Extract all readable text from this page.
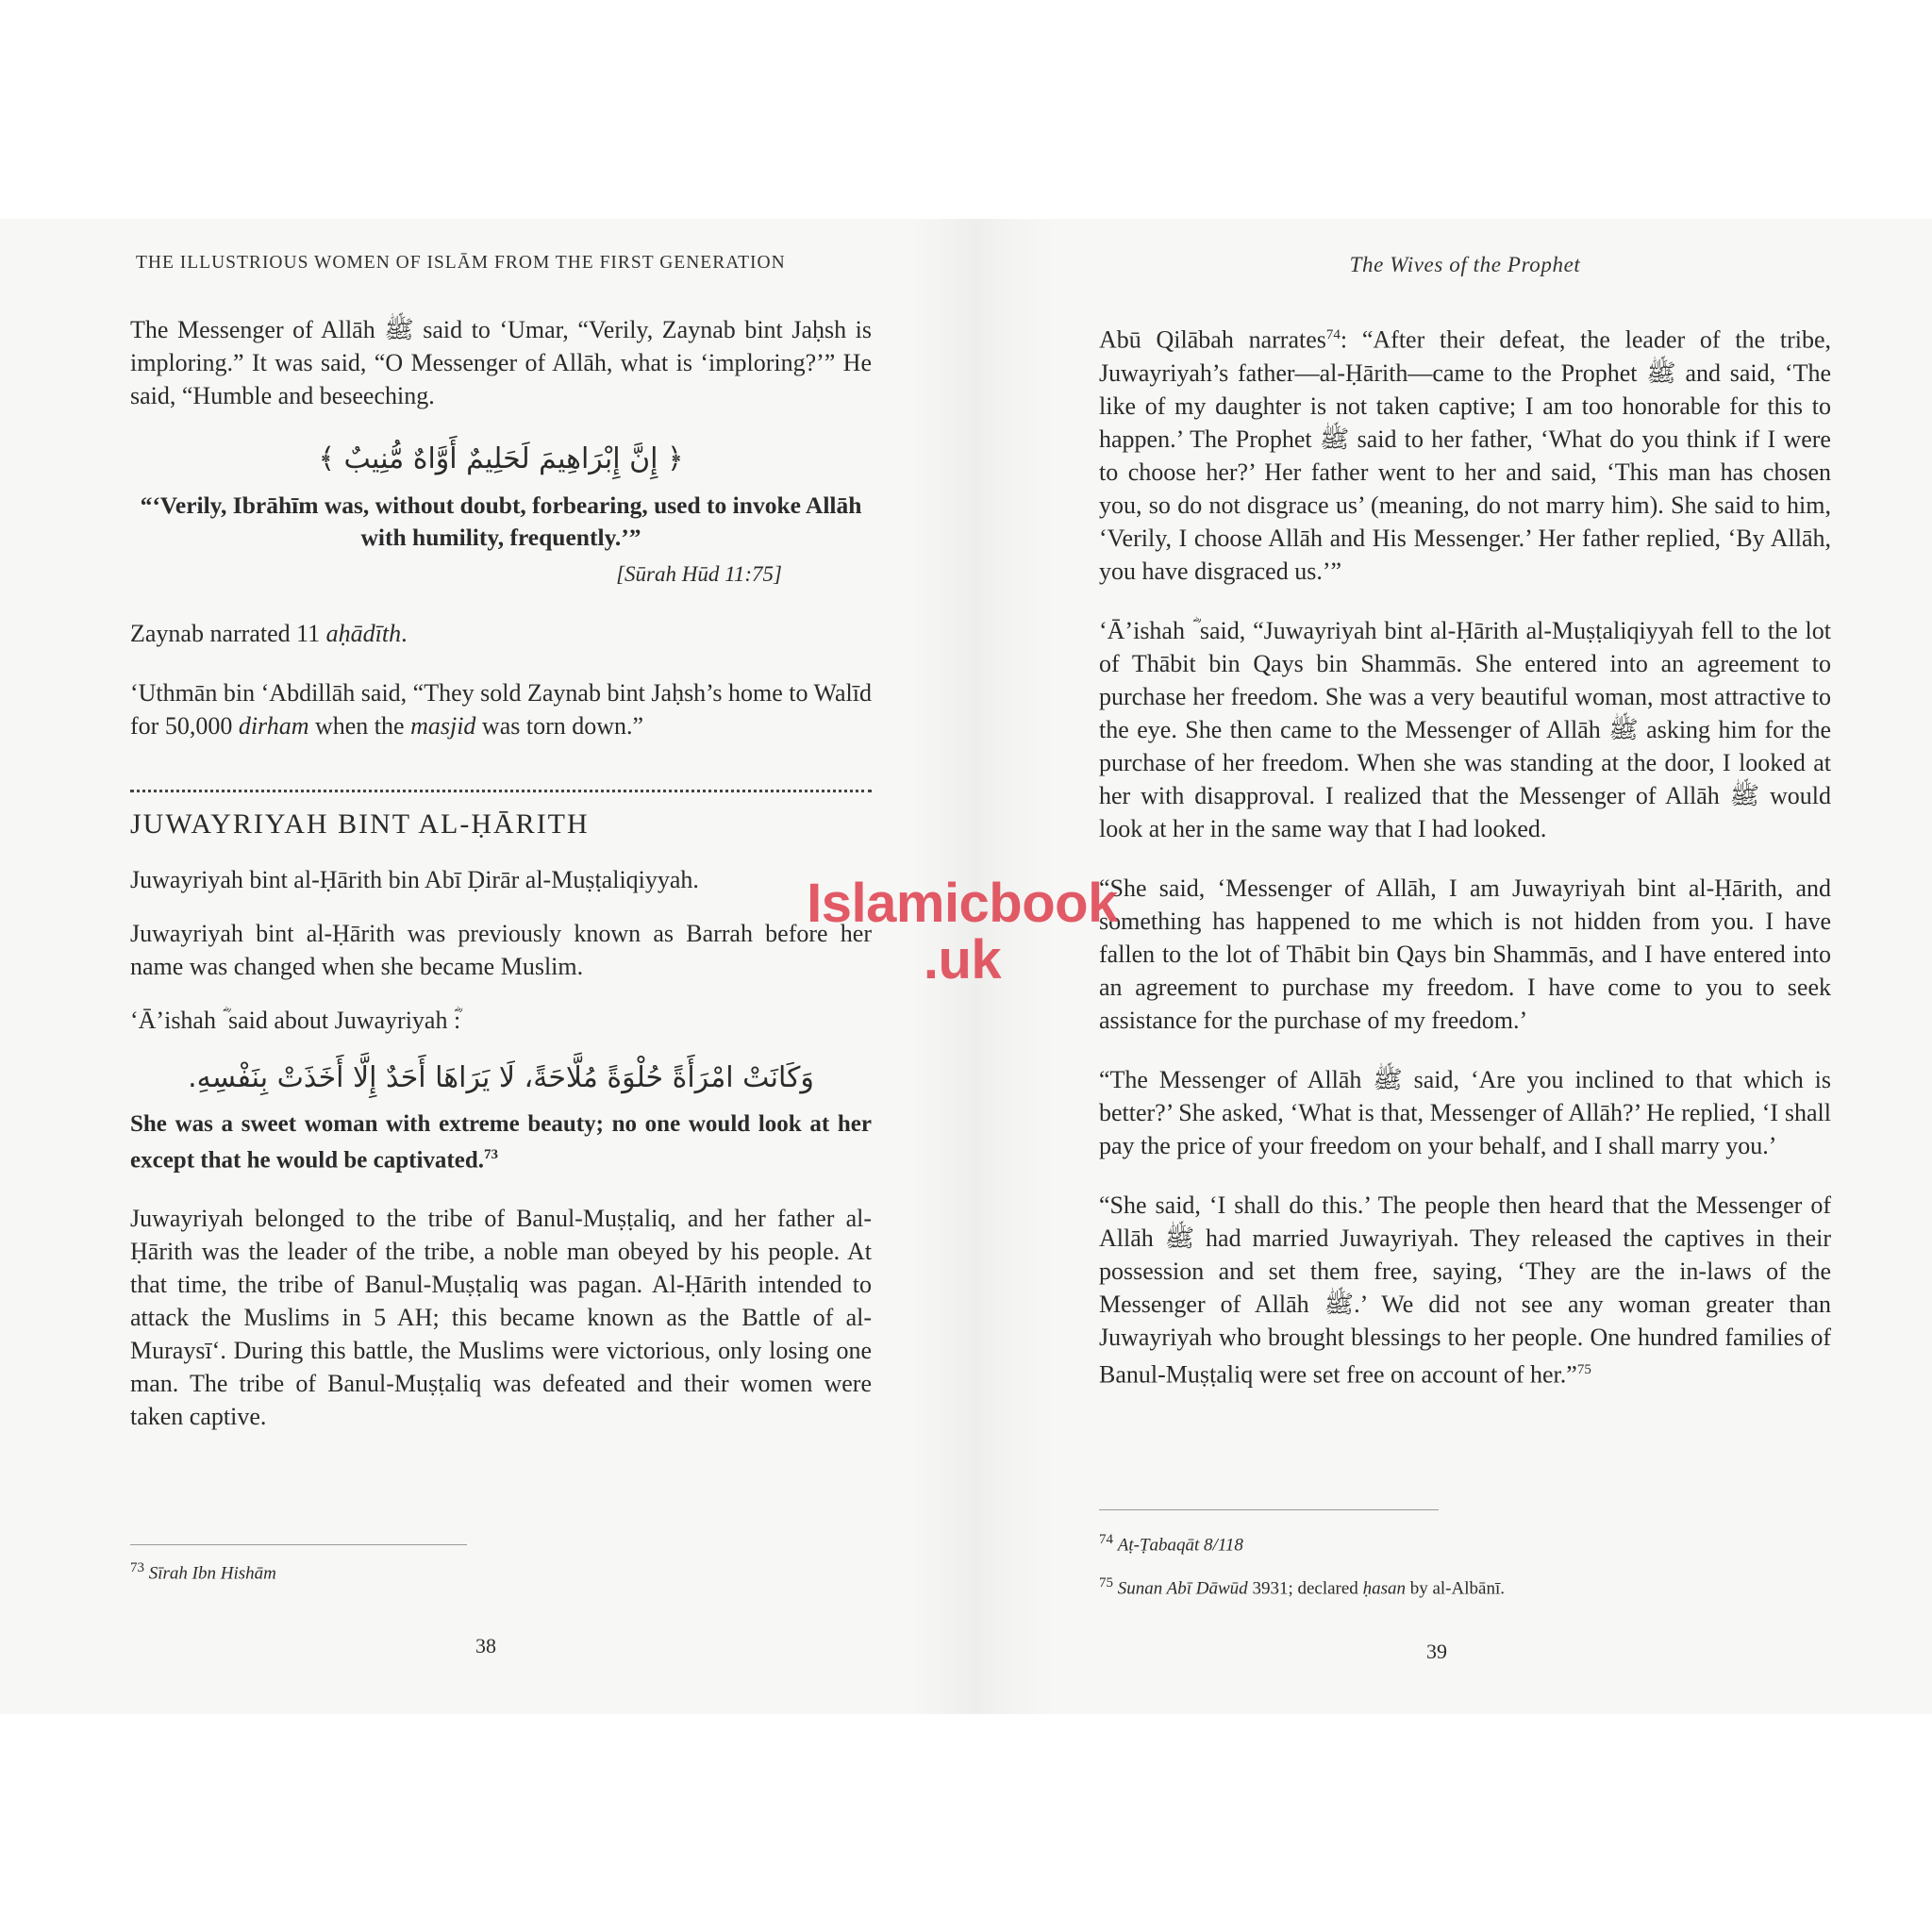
THE ILLUSTRIOUS WOMEN OF ISLĀM FROM THE FIRST GENERATION

The Messenger of Allāh ﷺ said to ‘Umar, “Verily, Zaynab bint Jaḥsh is imploring.” It was said, “O Messenger of Allāh, what is ‘imploring?’” He said, “Humble and beseeching.

﴿ إِنَّ إِبْرَاهِيمَ لَحَلِيمٌ أَوَّاهٌ مُّنِيبٌ ﴾
“‘Verily, Ibrāhīm was, without doubt, forbearing, used to invoke Allāh with humility, frequently.’”
[Sūrah Hūd 11:75]

Zaynab narrated 11 aḥādīth.

‘Uthmān bin ‘Abdillāh said, “They sold Zaynab bint Jaḥsh’s home to Walīd for 50,000 dirham when the masjid was torn down.”

JUWAYRIYAH BINT AL-ḤĀRITH

Juwayriyah bint al-Ḥārith bin Abī Ḍirār al-Muṣṭaliqiyyah.

Juwayriyah bint al-Ḥārith was previously known as Barrah before her name was changed when she became Muslim.

‘Ā’ishah ؓ said about Juwayriyah ؓ:

وَكَانَتْ امْرَأَةً حُلْوَةً مُلَّاحَةً، لَا يَرَاهَا أَحَدٌ إِلَّا أَخَذَتْ بِنَفْسِهِ.

She was a sweet woman with extreme beauty; no one would look at her except that he would be captivated.$^{73}$

Juwayriyah belonged to the tribe of Banul-Muṣṭaliq, and her father al-Ḥārith was the leader of the tribe, a noble man obeyed by his people. At that time, the tribe of Banul-Muṣṭaliq was pagan. Al-Ḥārith intended to attack the Muslims in 5 AH; this became known as the Battle of al-Muraysī‘. During this battle, the Muslims were victorious, only losing one man. The tribe of Banul-Muṣṭaliq was defeated and their women were taken captive.

$^{73}$ Sīrah Ibn Hishām
38
The Wives of the Prophet

Abū Qilābah narrates$^{74}$: “After their defeat, the leader of the tribe, Juwayriyah’s father—al-Ḥārith—came to the Prophet ﷺ and said, ‘The like of my daughter is not taken captive; I am too honorable for this to happen.’ The Prophet ﷺ said to her father, ‘What do you think if I were to choose her?’ Her father went to her and said, ‘This man has chosen you, so do not disgrace us’ (meaning, do not marry him). She said to him, ‘Verily, I choose Allāh and His Messenger.’ Her father replied, ‘By Allāh, you have disgraced us.’”

‘Ā’ishah ؓ said, “Juwayriyah bint al-Ḥārith al-Muṣṭaliqiyyah fell to the lot of Thābit bin Qays bin Shammās. She entered into an agreement to purchase her freedom. She was a very beautiful woman, most attractive to the eye. She then came to the Messenger of Allāh ﷺ asking him for the purchase of her freedom. When she was standing at the door, I looked at her with disapproval. I realized that the Messenger of Allāh ﷺ would look at her in the same way that I had looked.

“She said, ‘Messenger of Allāh, I am Juwayriyah bint al-Ḥārith, and something has happened to me which is not hidden from you. I have fallen to the lot of Thābit bin Qays bin Shammās, and I have entered into an agreement to purchase my freedom. I have come to you to seek assistance for the purchase of my freedom.’

“The Messenger of Allāh ﷺ said, ‘Are you inclined to that which is better?’ She asked, ‘What is that, Messenger of Allāh?’ He replied, ‘I shall pay the price of your freedom on your behalf, and I shall marry you.’

“She said, ‘I shall do this.’ The people then heard that the Messenger of Allāh ﷺ had married Juwayriyah. They released the captives in their possession and set them free, saying, ‘They are the in-laws of the Messenger of Allāh ﷺ.’ We did not see any woman greater than Juwayriyah who brought blessings to her people. One hundred families of Banul-Muṣṭaliq were set free on account of her.”$^{75}$

$^{74}$ Aṭ-Ṭabaqāt 8/118
$^{75}$ Sunan Abī Dāwūd 3931; declared ḥasan by al-Albānī.
39
Islamicbook
.uk
